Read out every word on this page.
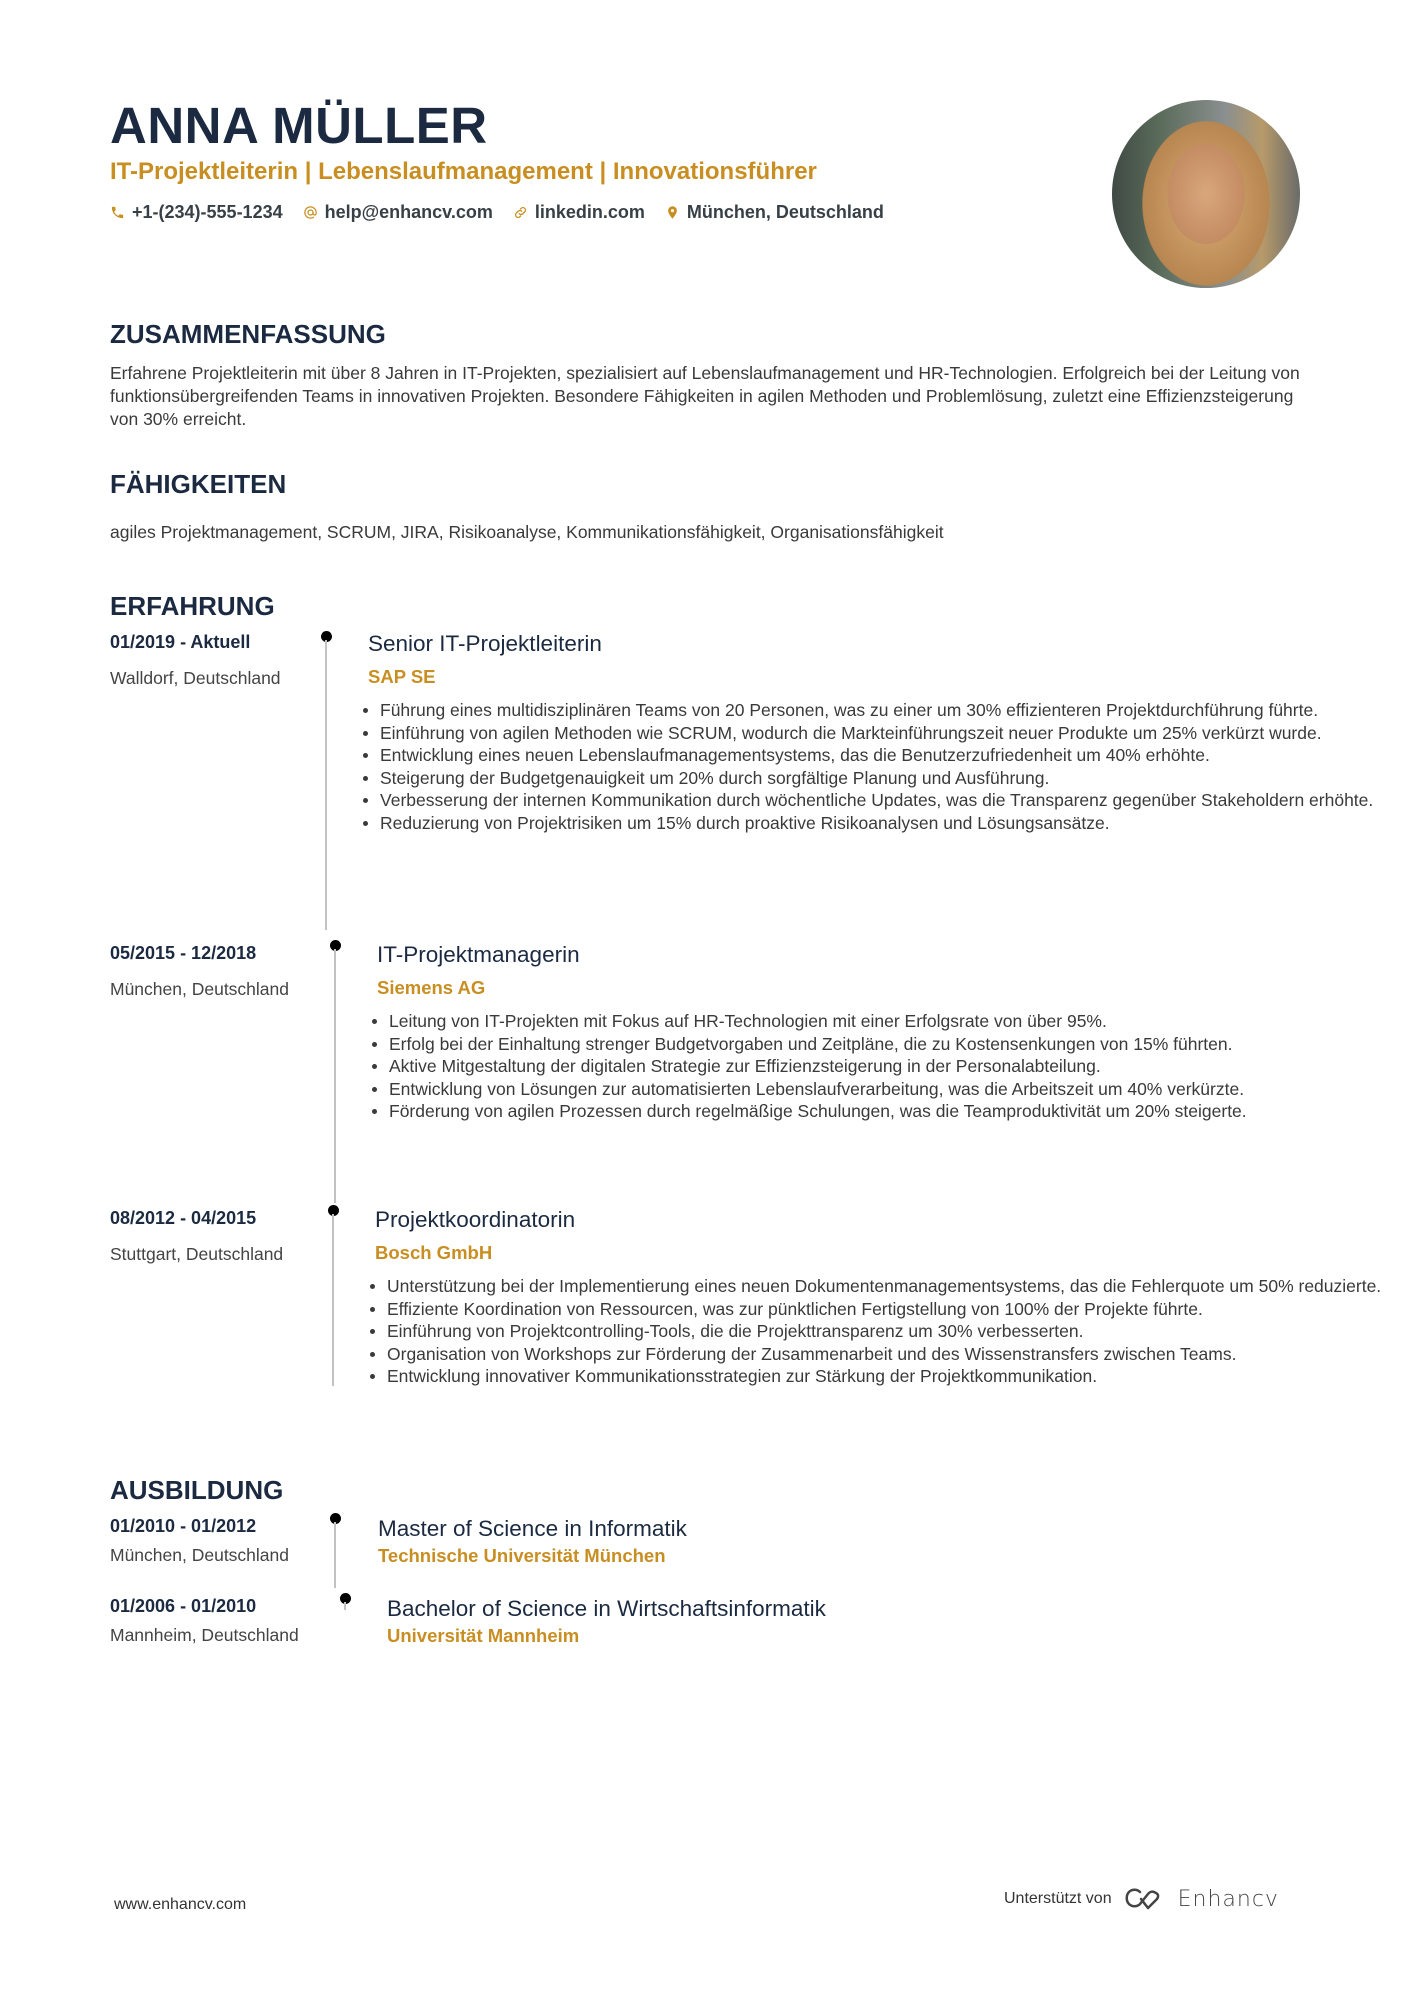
ANNA MÜLLER
IT-Projektleiterin | Lebenslaufmanagement | Innovationsführer
+1-(234)-555-1234 help@enhancv.com linkedin.com München, Deutschland
ZUSAMMENFASSUNG
Erfahrene Projektleiterin mit über 8 Jahren in IT-Projekten, spezialisiert auf Lebenslaufmanagement und HR-Technologien. Erfolgreich bei der Leitung von funktionsübergreifenden Teams in innovativen Projekten. Besondere Fähigkeiten in agilen Methoden und Problemlösung, zuletzt eine Effizienzsteigerung von 30% erreicht.
FÄHIGKEITEN
agiles Projektmanagement, SCRUM, JIRA, Risikoanalyse, Kommunikationsfähigkeit, Organisationsfähigkeit
ERFAHRUNG
01/2019 - Aktuell
Walldorf, Deutschland
Senior IT-Projektleiterin
SAP SE
Führung eines multidisziplinären Teams von 20 Personen, was zu einer um 30% effizienteren Projektdurchführung führte.
Einführung von agilen Methoden wie SCRUM, wodurch die Markteinführungszeit neuer Produkte um 25% verkürzt wurde.
Entwicklung eines neuen Lebenslaufmanagementsystems, das die Benutzerzufriedenheit um 40% erhöhte.
Steigerung der Budgetgenauigkeit um 20% durch sorgfältige Planung und Ausführung.
Verbesserung der internen Kommunikation durch wöchentliche Updates, was die Transparenz gegenüber Stakeholdern erhöhte.
Reduzierung von Projektrisiken um 15% durch proaktive Risikoanalysen und Lösungsansätze.
05/2015 - 12/2018
München, Deutschland
IT-Projektmanagerin
Siemens AG
Leitung von IT-Projekten mit Fokus auf HR-Technologien mit einer Erfolgsrate von über 95%.
Erfolg bei der Einhaltung strenger Budgetvorgaben und Zeitpläne, die zu Kostensenkungen von 15% führten.
Aktive Mitgestaltung der digitalen Strategie zur Effizienzsteigerung in der Personalabteilung.
Entwicklung von Lösungen zur automatisierten Lebenslaufverarbeitung, was die Arbeitszeit um 40% verkürzte.
Förderung von agilen Prozessen durch regelmäßige Schulungen, was die Teamproduktivität um 20% steigerte.
08/2012 - 04/2015
Stuttgart, Deutschland
Projektkoordinatorin
Bosch GmbH
Unterstützung bei der Implementierung eines neuen Dokumentenmanagementsystems, das die Fehlerquote um 50% reduzierte.
Effiziente Koordination von Ressourcen, was zur pünktlichen Fertigstellung von 100% der Projekte führte.
Einführung von Projektcontrolling-Tools, die die Projekttransparenz um 30% verbesserten.
Organisation von Workshops zur Förderung der Zusammenarbeit und des Wissenstransfers zwischen Teams.
Entwicklung innovativer Kommunikationsstrategien zur Stärkung der Projektkommunikation.
AUSBILDUNG
01/2010 - 01/2012
München, Deutschland
Master of Science in Informatik
Technische Universität München
01/2006 - 01/2010
Mannheim, Deutschland
Bachelor of Science in Wirtschaftsinformatik
Universität Mannheim
www.enhancv.com	Unterstützt von	Enhancv
